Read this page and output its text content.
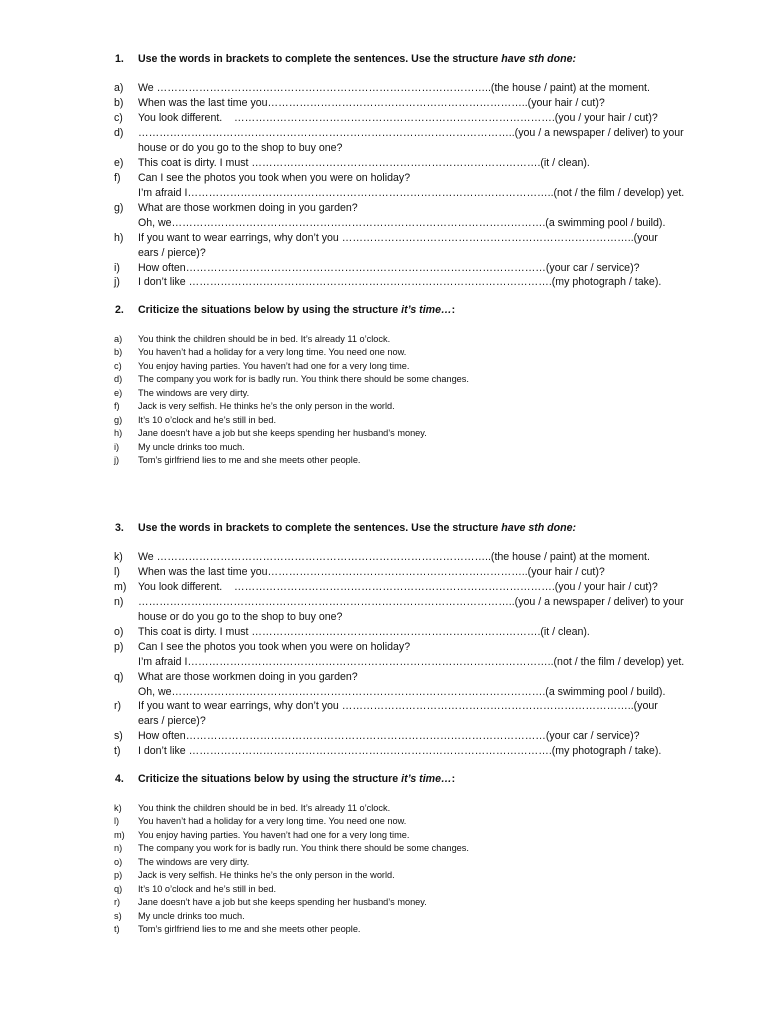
1. Use the words in brackets to complete the sentences. Use the structure have sth done:
a)	We …………………………………………………………………………………..(the house / paint) at the moment.
b)	When was the last time you………………………………………………………………..(your hair / cut)?
c)	You look different.    ……………………………………………………………………………….(you / your hair / cut)?
d)	……………………………………………………………………………………………..(you / a newspaper / deliver) to your
house or do you go to the shop to buy one?
e)	This coat is dirty. I must ……………………………………………………………………….(it / clean).
f)	Can I see the photos you took when you were on holiday?
I’m afraid I…………………………………………………………………………………………..(not / the film / develop) yet.
g)	What are those workmen doing in you garden?
Oh, we…………………………………………………………………………………………….(a swimming pool / build).
h)	If you want to wear earrings, why don’t you ………………………………………………………………………..(your
ears / pierce)?
i)	How often…………………………………………………………………………………………(your car / service)?
j)	I don’t like ………………………………………………………………………………………….(my photograph / take).
2. Criticize the situations below by using the structure it’s time…:
a) You think the children should be in bed. It’s already 11 o’clock.
b) You haven’t had a holiday for a very long time. You need one now.
c) You enjoy having parties. You haven’t had one for a very long time.
d) The company you work for is badly run. You think there should be some changes.
e) The windows are very dirty.
f) Jack is very selfish. He thinks he’s the only person in the world.
g) It’s 10 o’clock and he’s still in bed.
h) Jane doesn’t have a job but she keeps spending her husband’s money.
i) My uncle drinks too much.
j) Tom’s girlfriend lies to me and she meets other people.
3. Use the words in brackets to complete the sentences. Use the structure have sth done:
k)	We …………………………………………………………………………………..(the house / paint) at the moment.
l)	When was the last time you………………………………………………………………..(your hair / cut)?
m)	You look different.    ……………………………………………………………………………….(you / your hair / cut)?
n)	……………………………………………………………………………………………..(you / a newspaper / deliver) to your
house or do you go to the shop to buy one?
o)	This coat is dirty. I must ……………………………………………………………………….(it / clean).
p)	Can I see the photos you took when you were on holiday?
I’m afraid I…………………………………………………………………………………………..(not / the film / develop) yet.
q)	What are those workmen doing in you garden?
Oh, we…………………………………………………………………………………………….(a swimming pool / build).
r)	If you want to wear earrings, why don’t you ………………………………………………………………………..(your
ears / pierce)?
s)	How often…………………………………………………………………………………………(your car / service)?
t)	I don’t like ………………………………………………………………………………………….(my photograph / take).
4. Criticize the situations below by using the structure it’s time…:
k) You think the children should be in bed. It’s already 11 o’clock.
l) You haven’t had a holiday for a very long time. You need one now.
m) You enjoy having parties. You haven’t had one for a very long time.
n) The company you work for is badly run. You think there should be some changes.
o) The windows are very dirty.
p) Jack is very selfish. He thinks he’s the only person in the world.
q) It’s 10 o’clock and he’s still in bed.
r) Jane doesn’t have a job but she keeps spending her husband’s money.
s) My uncle drinks too much.
t) Tom’s girlfriend lies to me and she meets other people.
